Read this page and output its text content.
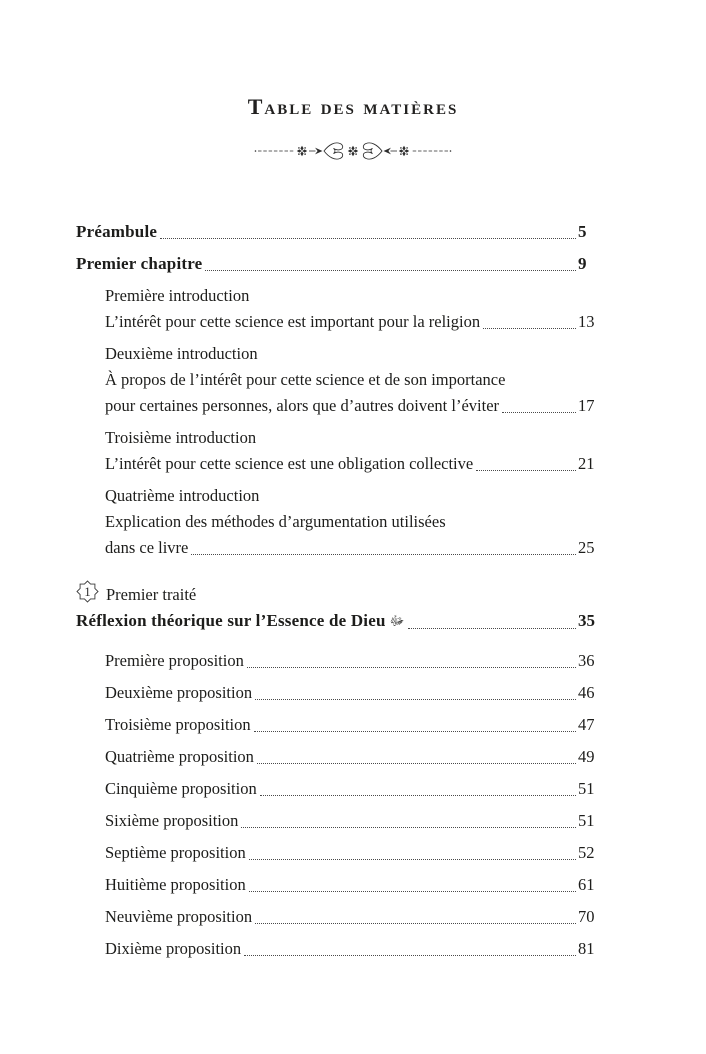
Table des matières
Préambule	5
Premier chapitre	9
Première introduction
L’intérêt pour cette science est important pour la religion	13
Deuxième introduction
À propos de l’intérêt pour cette science et de son importance
pour certaines personnes, alors que d’autres doivent l’éviter	17
Troisième introduction
L’intérêt pour cette science est une obligation collective	21
Quatrième introduction
Explication des méthodes d’argumentation utilisées
dans ce livre	25
1 Premier traité
Réflexion théorique sur l’Essence de Dieu ﷻ	35
Première proposition	36
Deuxième proposition	46
Troisième proposition	47
Quatrième proposition	49
Cinquième proposition	51
Sixième proposition	51
Septième proposition	52
Huitième proposition	61
Neuvième proposition	70
Dixième proposition	81
